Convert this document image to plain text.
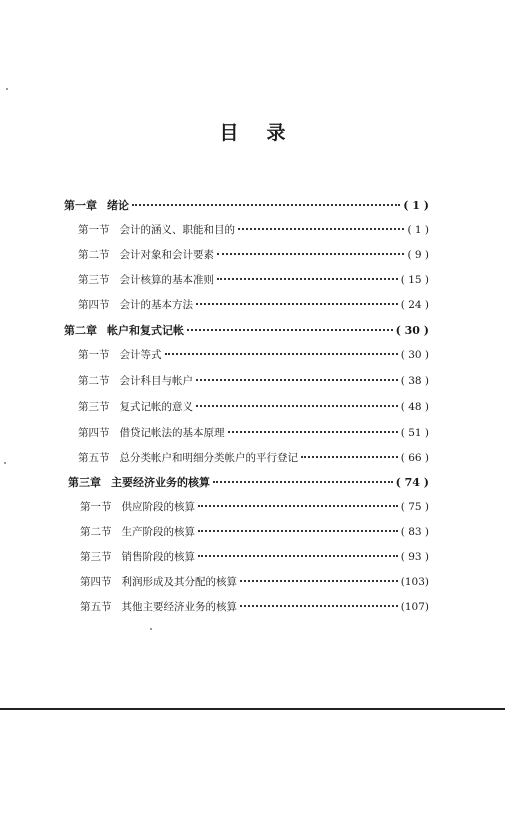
目 录
第一章 绪论	( 1 )
第一节 会计的涵义、职能和目的	( 1 )
第二节 会计对象和会计要素	( 9 )
第三节 会计核算的基本准则	( 15 )
第四节 会计的基本方法	( 24 )
第二章 帐户和复式记帐	( 30 )
第一节 会计等式	( 30 )
第二节 会计科目与帐户	( 38 )
第三节 复式记帐的意义	( 48 )
第四节 借贷记帐法的基本原理	( 51 )
第五节 总分类帐户和明细分类帐户的平行登记	( 66 )
第三章 主要经济业务的核算	( 74 )
第一节 供应阶段的核算	( 75 )
第二节 生产阶段的核算	( 83 )
第三节 销售阶段的核算	( 93 )
第四节 利润形成及其分配的核算	(103)
第五节 其他主要经济业务的核算	(107)
